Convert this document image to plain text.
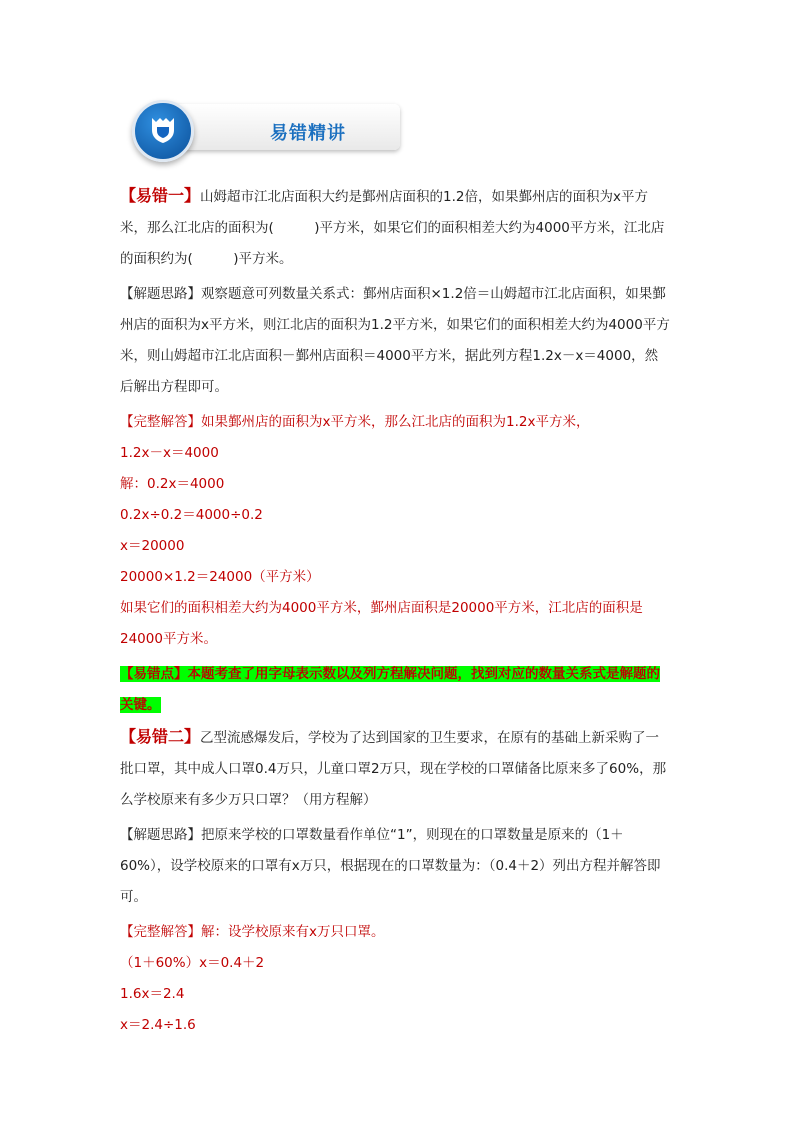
易错精讲

【易错一】山姆超市江北店面积大约是鄞州店面积的1.2倍，如果鄞州店的面积为x平方米，那么江北店的面积为(　　　)平方米，如果它们的面积相差大约为4000平方米，江北店的面积约为(　　　)平方米。

【解题思路】观察题意可列数量关系式：鄞州店面积×1.2倍＝山姆超市江北店面积，如果鄞州店的面积为x平方米，则江北店的面积为1.2平方米，如果它们的面积相差大约为4000平方米，则山姆超市江北店面积－鄞州店面积＝4000平方米，据此列方程1.2x－x＝4000，然后解出方程即可。

【完整解答】如果鄞州店的面积为x平方米，那么江北店的面积为1.2x平方米，

1.2x－x＝4000

解：0.2x＝4000

0.2x÷0.2＝4000÷0.2

x＝20000

20000×1.2＝24000（平方米）

如果它们的面积相差大约为4000平方米，鄞州店面积是20000平方米，江北店的面积是24000平方米。

【易错点】本题考查了用字母表示数以及列方程解决问题，找到对应的数量关系式是解题的关键。

【易错二】乙型流感爆发后，学校为了达到国家的卫生要求，在原有的基础上新采购了一批口罩，其中成人口罩0.4万只，儿童口罩2万只，现在学校的口罩储备比原来多了60%，那么学校原来有多少万只口罩？（用方程解）

【解题思路】把原来学校的口罩数量看作单位“1”，则现在的口罩数量是原来的（1＋60%），设学校原来的口罩有x万只，根据现在的口罩数量为：（0.4＋2）列出方程并解答即可。

【完整解答】解：设学校原来有x万只口罩。

（1＋60%）x＝0.4＋2

1.6x＝2.4

x＝2.4÷1.6
